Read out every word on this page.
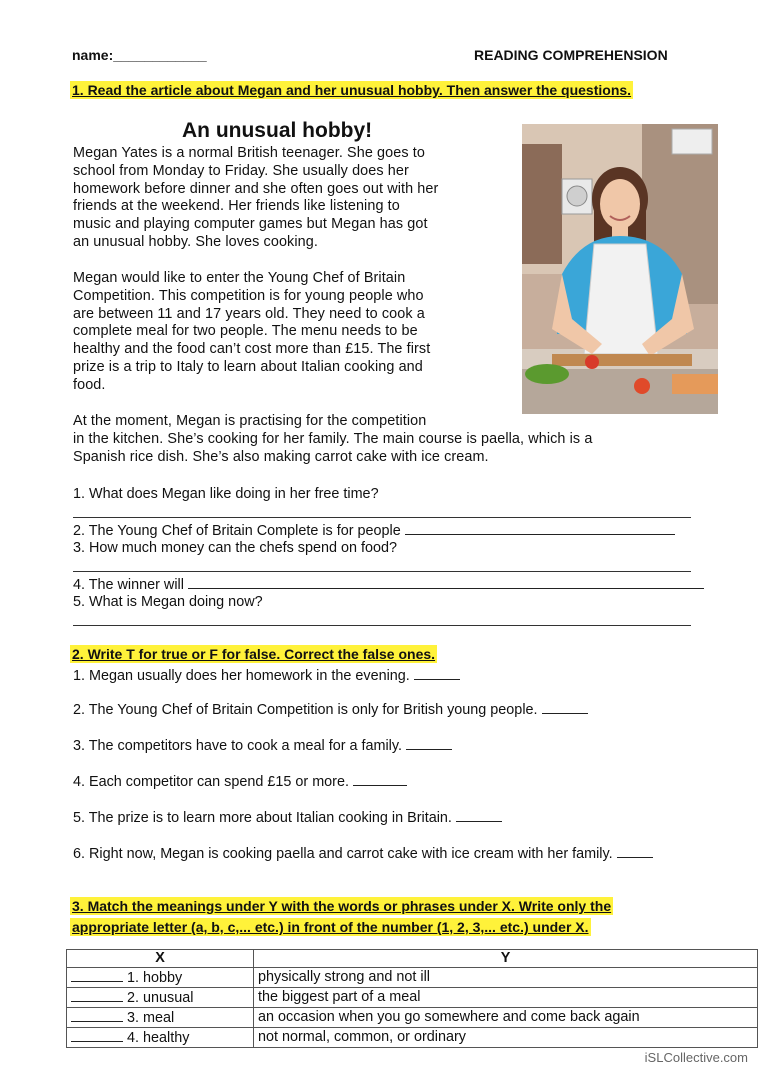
name:____________	READING COMPREHENSION
1. Read the article about Megan and her unusual hobby. Then answer the questions.
An unusual hobby!
Megan Yates is a normal British teenager. She goes to
school from Monday to Friday. She usually does her
homework before dinner and she often goes out with her
friends at the weekend. Her friends like listening to
music and playing computer games but Megan has got
an unusual hobby. She loves cooking.
Megan would like to enter the Young Chef of Britain
Competition. This competition is for young people who
are between 11 and 17 years old. They need to cook a
complete meal for two people. The menu needs to be
healthy and the food can’t cost more than £15. The first
prize is a trip to Italy to learn about Italian cooking and
food.
At the moment, Megan is practising for the competition
in the kitchen. She’s cooking for her family. The main course is paella, which is a
Spanish rice dish. She’s also making carrot cake with ice cream.
1. What does Megan like doing in her free time?
2. The Young Chef of Britain Complete is for people
3. How much money can the chefs spend on food?
4. The winner will
5. What is Megan doing now?
2. Write T for true or F for false. Correct the false ones.
1. Megan usually does her homework in the evening.
2. The Young Chef of Britain Competition is only for British young people.
3. The competitors have to cook a meal for a family.
4. Each competitor can spend £15 or more.
5. The prize is to learn more about Italian cooking in Britain.
6. Right now, Megan is cooking paella and carrot cake with ice cream with her family.
3. Match the meanings under Y with the words or phrases under X. Write only the
appropriate letter (a, b, c,... etc.) in front of the number (1, 2, 3,... etc.) under X.
X	Y
1. hobby	physically strong and not ill
2. unusual	the biggest part of a meal
3. meal	an occasion when you go somewhere and come back again
4. healthy	not normal, common, or ordinary
iSLCollective.com
